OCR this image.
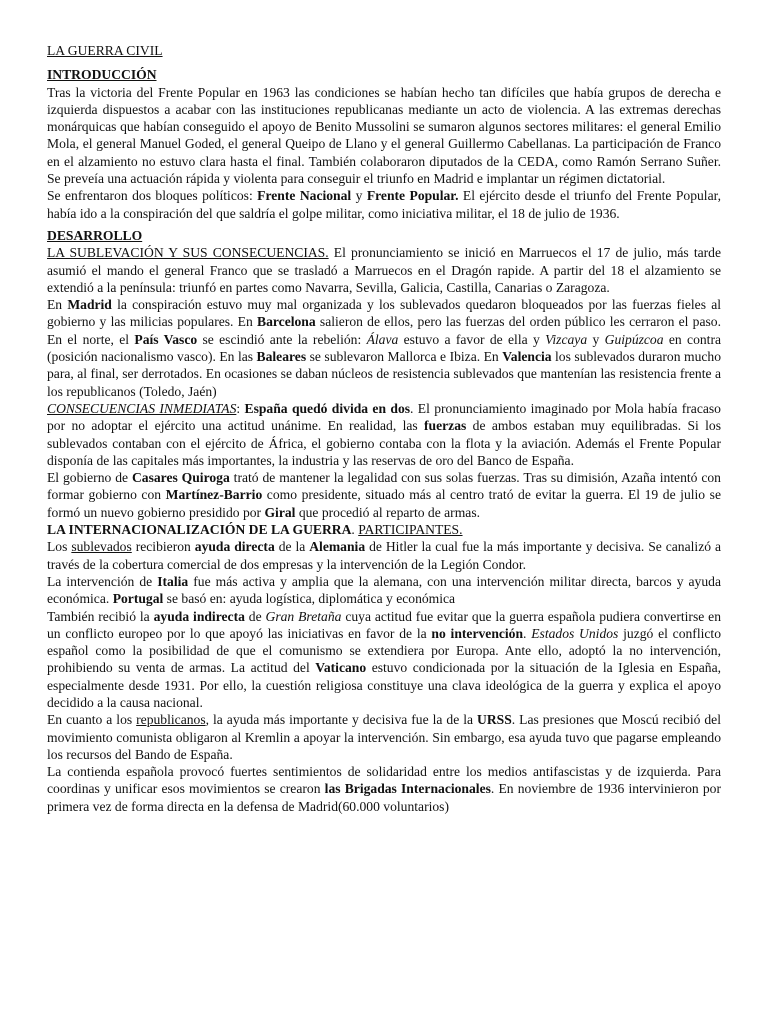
LA GUERRA CIVIL

INTRODUCCIÓN

Tras la victoria del Frente Popular en 1963 las condiciones se habían hecho tan difíciles que había grupos de derecha e izquierda dispuestos a acabar con las instituciones republicanas mediante un acto de violencia. A las extremas derechas monárquicas que habían conseguido el apoyo de Benito Mussolini se sumaron algunos sectores militares: el general Emilio Mola, el general Manuel Goded, el general Queipo de Llano y el general Guillermo Cabellanas. La participación de Franco en el alzamiento no estuvo clara hasta el final. También colaboraron diputados de la CEDA, como Ramón Serrano Suñer. Se preveía una actuación rápida y violenta para conseguir el triunfo en Madrid e implantar un régimen dictatorial.

Se enfrentaron dos bloques políticos: Frente Nacional y Frente Popular. El ejército desde el triunfo del Frente Popular, había ido a la conspiración del que saldría el golpe militar, como iniciativa militar, el 18 de julio de 1936.

DESARROLLO

LA SUBLEVACIÓN Y SUS CONSECUENCIAS. El pronunciamiento se inició en Marruecos el 17 de julio, más tarde asumió el mando el general Franco que se trasladó a Marruecos en el Dragón rapide. A partir del 18 el alzamiento se extendió a la península: triunfó en partes como Navarra, Sevilla, Galicia, Castilla, Canarias o Zaragoza.

En Madrid la conspiración estuvo muy mal organizada y los sublevados quedaron bloqueados por las fuerzas fieles al gobierno y las milicias populares. En Barcelona salieron de ellos, pero las fuerzas del orden público les cerraron el paso. En el norte, el País Vasco se escindió ante la rebelión: Álava estuvo a favor de ella y Vizcaya y Guipúzcoa en contra (posición nacionalismo vasco). En las Baleares se sublevaron Mallorca e Ibiza. En Valencia los sublevados duraron mucho para, al final, ser derrotados. En ocasiones se daban núcleos de resistencia sublevados que mantenían las resistencia frente a los republicanos (Toledo, Jaén)

CONSECUENCIAS INMEDIATAS: España quedó divida en dos. El pronunciamiento imaginado por Mola había fracaso por no adoptar el ejército una actitud unánime. En realidad, las fuerzas de ambos estaban muy equilibradas. Si los sublevados contaban con el ejército de África, el gobierno contaba con la flota y la aviación. Además el Frente Popular disponía de las capitales más importantes, la industria y las reservas de oro del Banco de España.

El gobierno de Casares Quiroga trató de mantener la legalidad con sus solas fuerzas. Tras su dimisión, Azaña intentó con formar gobierno con Martínez-Barrio como presidente, situado más al centro trató de evitar la guerra. El 19 de julio se formó un nuevo gobierno presidido por Giral que procedió al reparto de armas.

LA INTERNACIONALIZACIÓN DE LA GUERRA. PARTICIPANTES.

Los sublevados recibieron ayuda directa de la Alemania de Hitler la cual fue la más importante y decisiva. Se canalizó a través de la cobertura comercial de dos empresas y la intervención de la Legión Condor.

La intervención de Italia fue más activa y amplia que la alemana, con una intervención militar directa, barcos y ayuda económica. Portugal se basó en: ayuda logística, diplomática y económica

También recibió la ayuda indirecta de Gran Bretaña cuya actitud fue evitar que la guerra española pudiera convertirse en un conflicto europeo por lo que apoyó las iniciativas en favor de la no intervención. Estados Unidos juzgó el conflicto español como la posibilidad de que el comunismo se extendiera por Europa. Ante ello, adoptó la no intervención, prohibiendo su venta de armas. La actitud del Vaticano estuvo condicionada por la situación de la Iglesia en España, especialmente desde 1931. Por ello, la cuestión religiosa constituye una clava ideológica de la guerra y explica el apoyo decidido a la causa nacional.

En cuanto a los republicanos, la ayuda más importante y decisiva fue la de la URSS. Las presiones que Moscú recibió del movimiento comunista obligaron al Kremlin a apoyar la intervención. Sin embargo, esa ayuda tuvo que pagarse empleando los recursos del Bando de España.

La contienda española provocó fuertes sentimientos de solidaridad entre los medios antifascistas y de izquierda. Para coordinas y unificar esos movimientos se crearon las Brigadas Internacionales. En noviembre de 1936 intervinieron por primera vez de forma directa en la defensa de Madrid(60.000 voluntarios)
